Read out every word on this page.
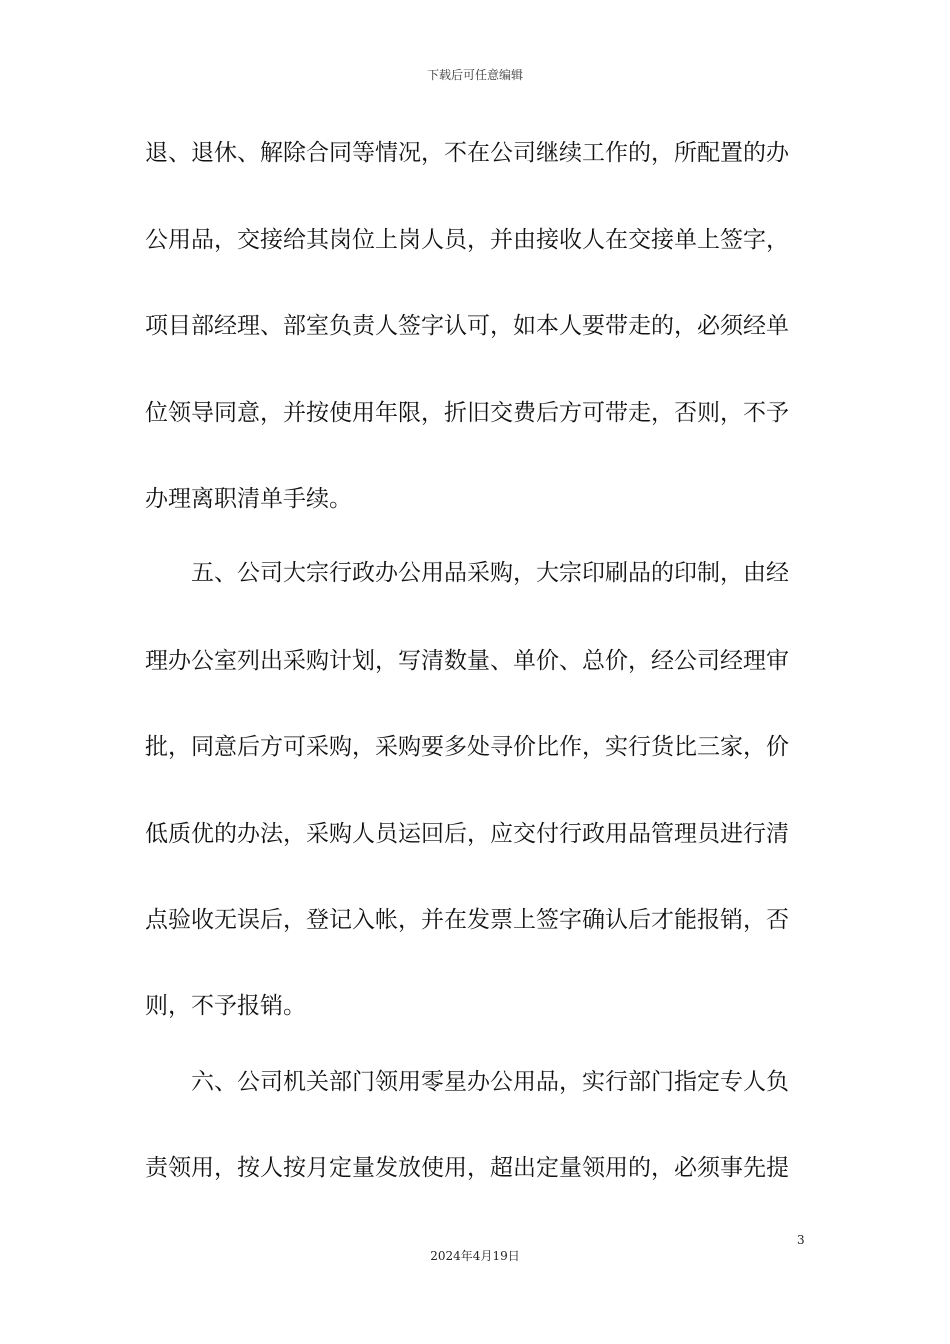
下载后可任意编辑
退、退休、解除合同等情况，不在公司继续工作的，所配置的办
公用品，交接给其岗位上岗人员，并由接收人在交接单上签字，
项目部经理、部室负责人签字认可，如本人要带走的，必须经单
位领导同意，并按使用年限，折旧交费后方可带走，否则，不予
办理离职清单手续。
　　五、公司大宗行政办公用品采购，大宗印刷品的印制，由经
理办公室列出采购计划，写清数量、单价、总价，经公司经理审
批，同意后方可采购，采购要多处寻价比作，实行货比三家，价
低质优的办法，采购人员运回后，应交付行政用品管理员进行清
点验收无误后，登记入帐，并在发票上签字确认后才能报销，否
则，不予报销。
　　六、公司机关部门领用零星办公用品，实行部门指定专人负
责领用，按人按月定量发放使用，超出定量领用的，必须事先提
3
2024年4月19日
